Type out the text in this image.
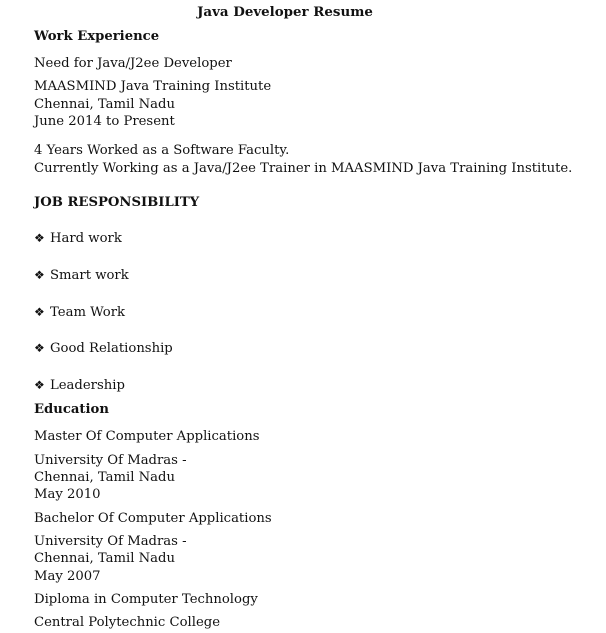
Java Developer Resume
Work Experience
Need for Java/J2ee Developer
MAASMIND Java Training Institute
Chennai, Tamil Nadu
June 2014 to Present
4 Years Worked as a Software Faculty.
Currently Working as a Java/J2ee Trainer in MAASMIND Java Training Institute.
JOB RESPONSIBILITY
❖ Hard work
❖ Smart work
❖ Team Work
❖ Good Relationship
❖ Leadership
Education
Master Of Computer Applications
University Of Madras -
Chennai, Tamil Nadu
May 2010
Bachelor Of Computer Applications
University Of Madras -
Chennai, Tamil Nadu
May 2007
Diploma in Computer Technology
Central Polytechnic College
